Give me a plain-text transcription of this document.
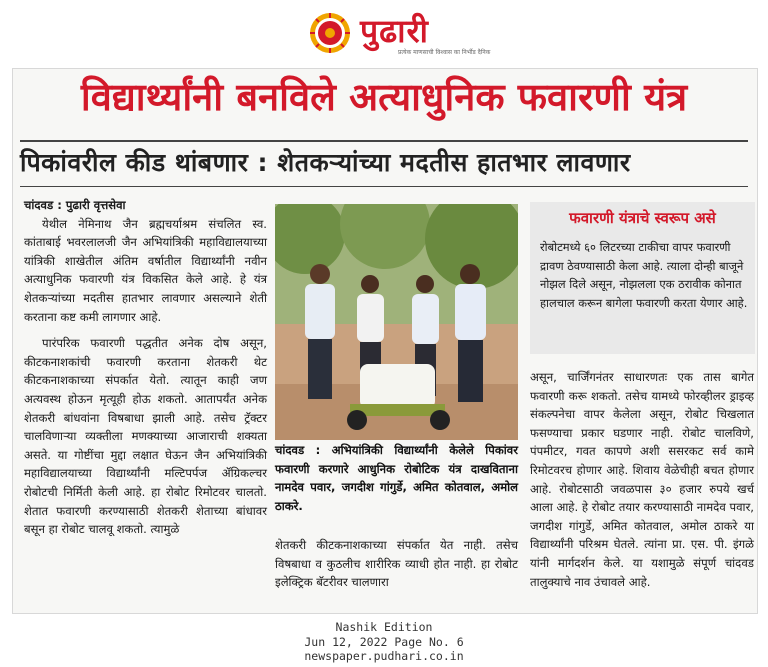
पुढारी
प्रत्येक माणसाची विश्वास का निर्भीड दैनिक
विद्यार्थ्यांनी बनविले अत्याधुनिक फवारणी यंत्र
पिकांवरील कीड थांबणार : शेतकऱ्यांच्या मदतीस हातभार लावणार

चांदवड : पुढारी वृत्तसेवा

येथील नेमिनाथ जैन ब्रह्मचर्याश्रम संचलित स्व. कांताबाई भवरलालजी जैन अभियांत्रिकी महाविद्यालयाच्या यांत्रिकी शाखेतील अंतिम वर्षातील विद्यार्थ्यांनी नवीन अत्याधुनिक फवारणी यंत्र विकसित केले आहे. हे यंत्र शेतकऱ्यांच्या मदतीस हातभार लावणार असल्याने शेती करताना कष्ट कमी लागणार आहे.

पारंपरिक फवारणी पद्धतीत अनेक दोष असून, कीटकनाशकांची फवारणी करताना शेतकरी थेट कीटकनाशकाच्या संपर्कात येतो. त्यातून काही जण अत्यवस्थ होऊन मृत्यूही होऊ शकतो. आतापर्यंत अनेक शेतकरी बांधवांना विषबाधा झाली आहे. तसेच ट्रॅक्टर चालविणाऱ्या व्यक्तीला मणक्याच्या आजाराची शक्यता असते. या गोष्टींचा मुद्दा लक्षात घेऊन जैन अभियांत्रिकी महाविद्यालयाच्या विद्यार्थ्यांनी मल्टिपर्पज ॲग्रिकल्चर रोबोटची निर्मिती केली आहे. हा रोबोट रिमोटवर चालतो. शेतात फवारणी करण्यासाठी शेतकरी शेताच्या बांधावर बसून हा रोबोट चालवू शकतो. त्यामुळे

चांदवड : अभियांत्रिकी विद्यार्थ्यांनी केलेले पिकांवर फवारणी करणारे आधुनिक रोबोटिक यंत्र दाखविताना नामदेव पवार, जगदीश गांगुर्डे, अमित कोतवाल, अमोल ठाकरे.

शेतकरी कीटकनाशकाच्या संपर्कात येत नाही. तसेच विषबाधा व कुठलीच शारीरिक व्याधी होत नाही. हा रोबोट इलेक्ट्रिक बॅटरीवर चालणारा

फवारणी यंत्राचे स्वरूप असे
रोबोटमध्ये ६० लिटरच्या टाकीचा वापर फवारणी द्रावण ठेवण्यासाठी केला आहे. त्याला दोन्ही बाजूने नोझल दिले असून, नोझलला एक ठरावीक कोनात हालचाल करून बागेला फवारणी करता येणार आहे.

असून, चार्जिंगनंतर साधारणतः एक तास बागेत फवारणी करू शकतो. तसेच यामध्ये फोरव्हीलर ड्राइव्ह संकल्पनेचा वापर केलेला असून, रोबोट चिखलात फसण्याचा प्रकार घडणार नाही. रोबोट चालविणे, पंपमीटर, गवत कापणे अशी ससरकट सर्व कामे रिमोटवरच होणार आहे. शिवाय वेळेचीही बचत होणार आहे. रोबोटसाठी जवळपास ३० हजार रुपये खर्च आला आहे. हे रोबोट तयार करण्यासाठी नामदेव पवार, जगदीश गांगुर्डे, अमित कोतवाल, अमोल ठाकरे या विद्यार्थ्यांनी परिश्रम घेतले. त्यांना प्रा. एस. पी. इंगळे यांनी मार्गदर्शन केले. या यशामुळे संपूर्ण चांदवड तालुक्याचे नाव उंचावले आहे.

Nashik Edition
Jun 12, 2022 Page No. 6
newspaper.pudhari.co.in
